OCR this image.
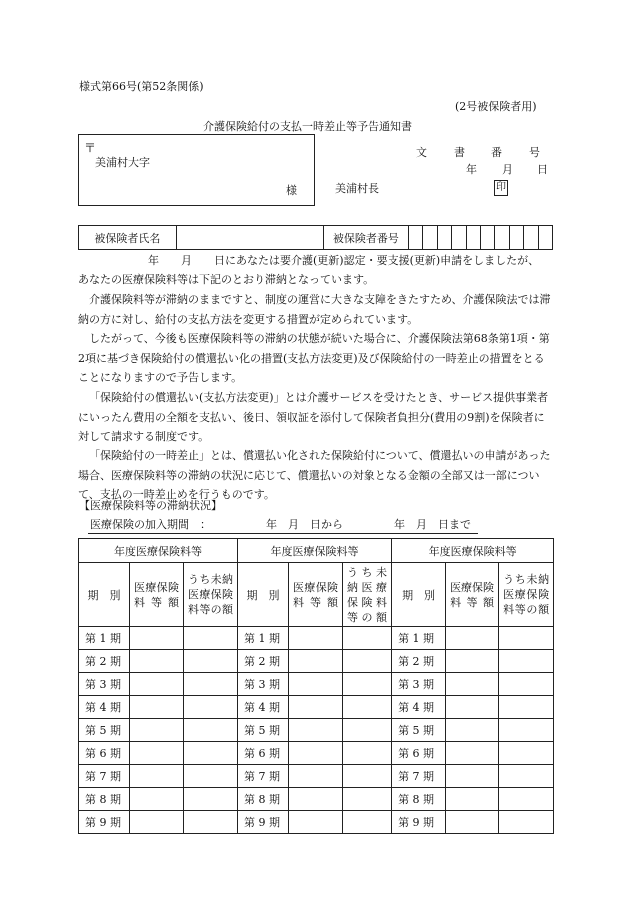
様式第66号(第52条関係)
(2号被保険者用)
介護保険給付の支払一時差止等予告通知書
〒
美浦村大字
様
文 書 番 号
年 月 日
美浦村長	印
被保険者氏名		被保険者番号										
年　　月　　日にあなたは要介護(更新)認定・要支援(更新)申請をしましたが、
あなたの医療保険料等は下記のとおり滞納となっています。
介護保険料等が滞納のままですと、制度の運営に大きな支障をきたすため、介護保険法では滞納の方に対し、給付の支払方法を変更する措置が定められています。
したがって、今後も医療保険料等の滞納の状態が続いた場合に、介護保険法第68条第1項・第2項に基づき保険給付の償還払い化の措置(支払方法変更)及び保険給付の一時差止の措置をとることになりますので予告します。
「保険給付の償還払い(支払方法変更)」とは介護サービスを受けたとき、サービス提供事業者にいったん費用の全額を支払い、後日、領収証を添付して保険者負担分(費用の9割)を保険者に対して請求する制度です。
「保険給付の一時差止」とは、償還払い化された保険給付について、償還払いの申請があった場合、医療保険料等の滞納の状況に応じて、償還払いの対象となる金額の全部又は一部について、支払の一時差止めを行うものです。
【医療保険料等の滞納状況】
医療保険の加入期間　：	年　月　日から	年　月　日まで
年度医療保険料等			年度医療保険料等			年度医療保険料等		
期　別	医療保険料等額	うち未納医療保険料等の額	期　別	医療保険料等額	うち未納医療保険料等の額	期　別	医療保険料等額	うち未納医療保険料等の額
第 1 期			第 1 期			第 1 期		
第 2 期			第 2 期			第 2 期		
第 3 期			第 3 期			第 3 期		
第 4 期			第 4 期			第 4 期		
第 5 期			第 5 期			第 5 期		
第 6 期			第 6 期			第 6 期		
第 7 期			第 7 期			第 7 期		
第 8 期			第 8 期			第 8 期		
第 9 期			第 9 期			第 9 期		
